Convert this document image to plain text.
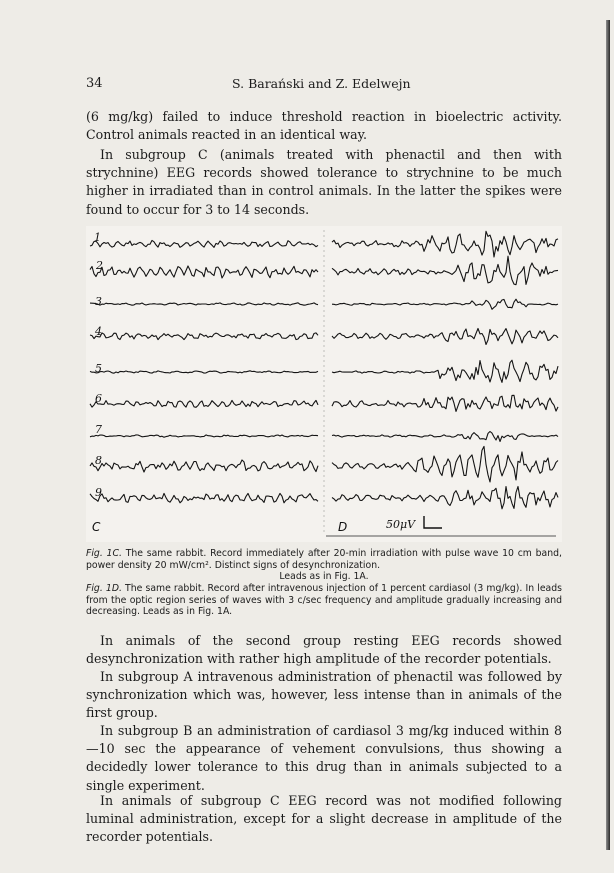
34	S. Barański and Z. Edelwejn

(6 mg/kg) failed to induce threshold reaction in bioelectric activity. Control animals reacted in an identical way.

In subgroup C (animals treated with phenactil and then with strychnine) EEG records showed tolerance to strychnine to be much higher in irradiated than in control animals. In the latter the spikes were found to occur for 3 to 14 seconds.

1
2
3
4
5
6
7
8
9
C	D	50μV

Fig. 1C. The same rabbit. Record immediately after 20-min irradiation with pulse wave 10 cm band, power density 20 mW/cm². Distinct signs of desynchronization.
Leads as in Fig. 1A.

Fig. 1D. The same rabbit. Record after intravenous injection of 1 percent cardiasol (3 mg/kg). In leads from the optic region series of waves with 3 c/sec frequency and amplitude gradually increasing and decreasing. Leads as in Fig. 1A.

In animals of the second group resting EEG records showed desynchronization with rather high amplitude of the recorder potentials.

In subgroup A intravenous administration of phenactil was followed by synchronization which was, however, less intense than in animals of the first group.

In subgroup B an administration of cardiasol 3 mg/kg induced within 8—10 sec the appearance of vehement convulsions, thus showing a decidedly lower tolerance to this drug than in animals subjected to a single experiment.

In animals of subgroup C EEG record was not modified following luminal administration, except for a slight decrease in amplitude of the recorder potentials.
